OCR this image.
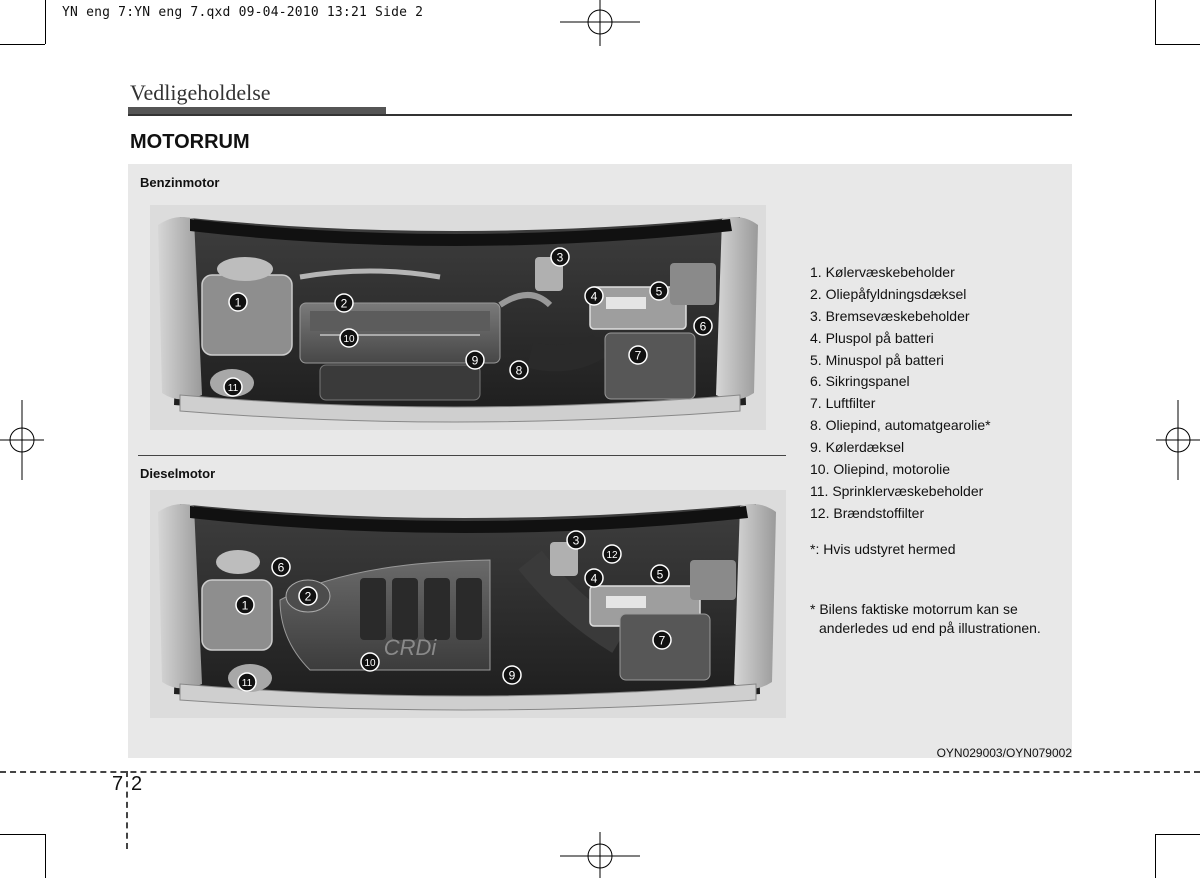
YN eng 7:YN eng 7.qxd 09-04-2010 13:21 Side 2
Vedligeholdelse
MOTORRUM
Benzinmotor
Dieselmotor
1	2
3
4	5
6
7
8
9
10
11
CRDi
1
2
3
4	5
6
7
9
10
11
12
1. Kølervæskebeholder
2. Oliepåfyldningsdæksel
3. Bremsevæskebeholder
4. Pluspol på batteri
5. Minuspol på batteri
6. Sikringspanel
7. Luftfilter
8. Oliepind, automatgearolie*
9. Kølerdæksel
10. Oliepind, motorolie
11. Sprinklervæskebeholder
12. Brændstoffilter
*: Hvis udstyret hermed
* Bilens faktiske motorrum kan se
anderledes ud end på illustrationen.
OYN029003/OYN079002
7 2
